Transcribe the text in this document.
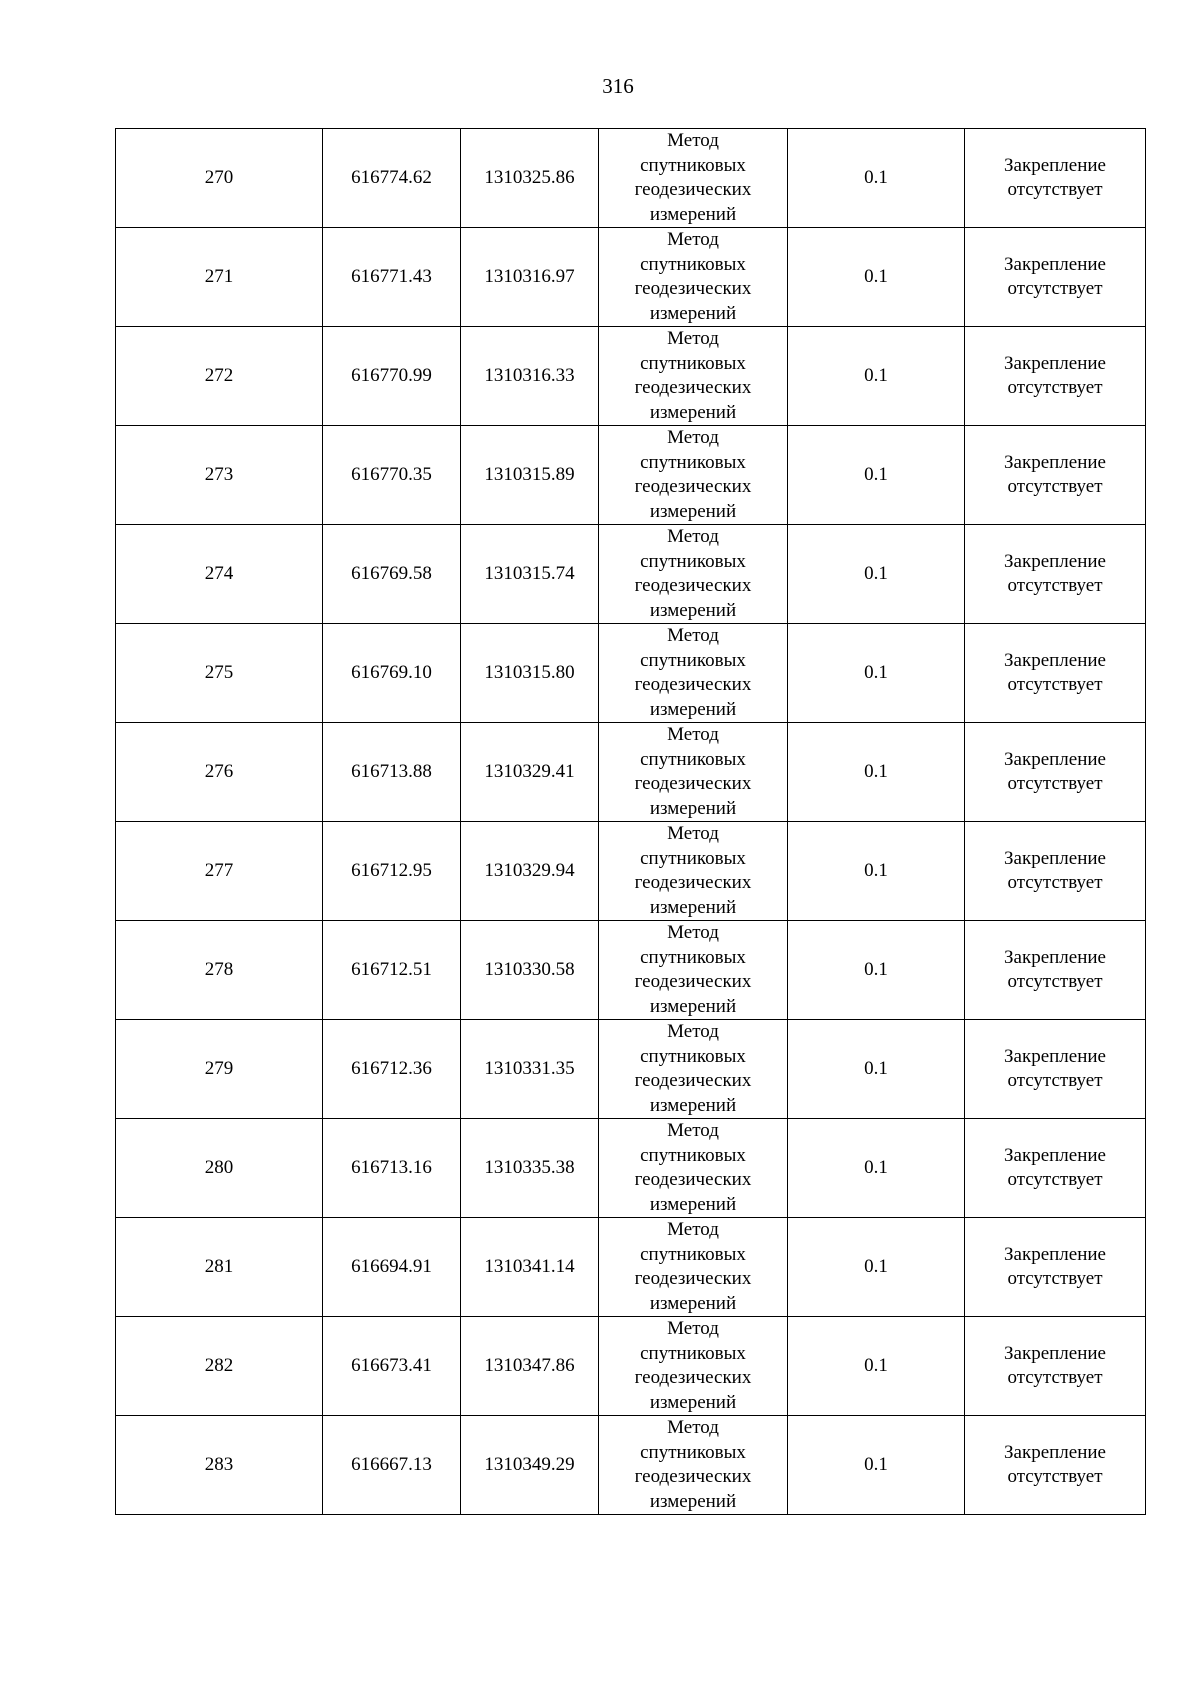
316
270	616774.62	1310325.86	Метод
спутниковых
геодезических
измерений	0.1	Закрепление
отсутствует

271	616771.43	1310316.97	Метод
спутниковых
геодезических
измерений	0.1	Закрепление
отсутствует

272	616770.99	1310316.33	Метод
спутниковых
геодезических
измерений	0.1	Закрепление
отсутствует

273	616770.35	1310315.89	Метод
спутниковых
геодезических
измерений	0.1	Закрепление
отсутствует

274	616769.58	1310315.74	Метод
спутниковых
геодезических
измерений	0.1	Закрепление
отсутствует

275	616769.10	1310315.80	Метод
спутниковых
геодезических
измерений	0.1	Закрепление
отсутствует

276	616713.88	1310329.41	Метод
спутниковых
геодезических
измерений	0.1	Закрепление
отсутствует

277	616712.95	1310329.94	Метод
спутниковых
геодезических
измерений	0.1	Закрепление
отсутствует

278	616712.51	1310330.58	Метод
спутниковых
геодезических
измерений	0.1	Закрепление
отсутствует

279	616712.36	1310331.35	Метод
спутниковых
геодезических
измерений	0.1	Закрепление
отсутствует

280	616713.16	1310335.38	Метод
спутниковых
геодезических
измерений	0.1	Закрепление
отсутствует

281	616694.91	1310341.14	Метод
спутниковых
геодезических
измерений	0.1	Закрепление
отсутствует

282	616673.41	1310347.86	Метод
спутниковых
геодезических
измерений	0.1	Закрепление
отсутствует

283	616667.13	1310349.29	Метод
спутниковых
геодезических
измерений	0.1	Закрепление
отсутствует
